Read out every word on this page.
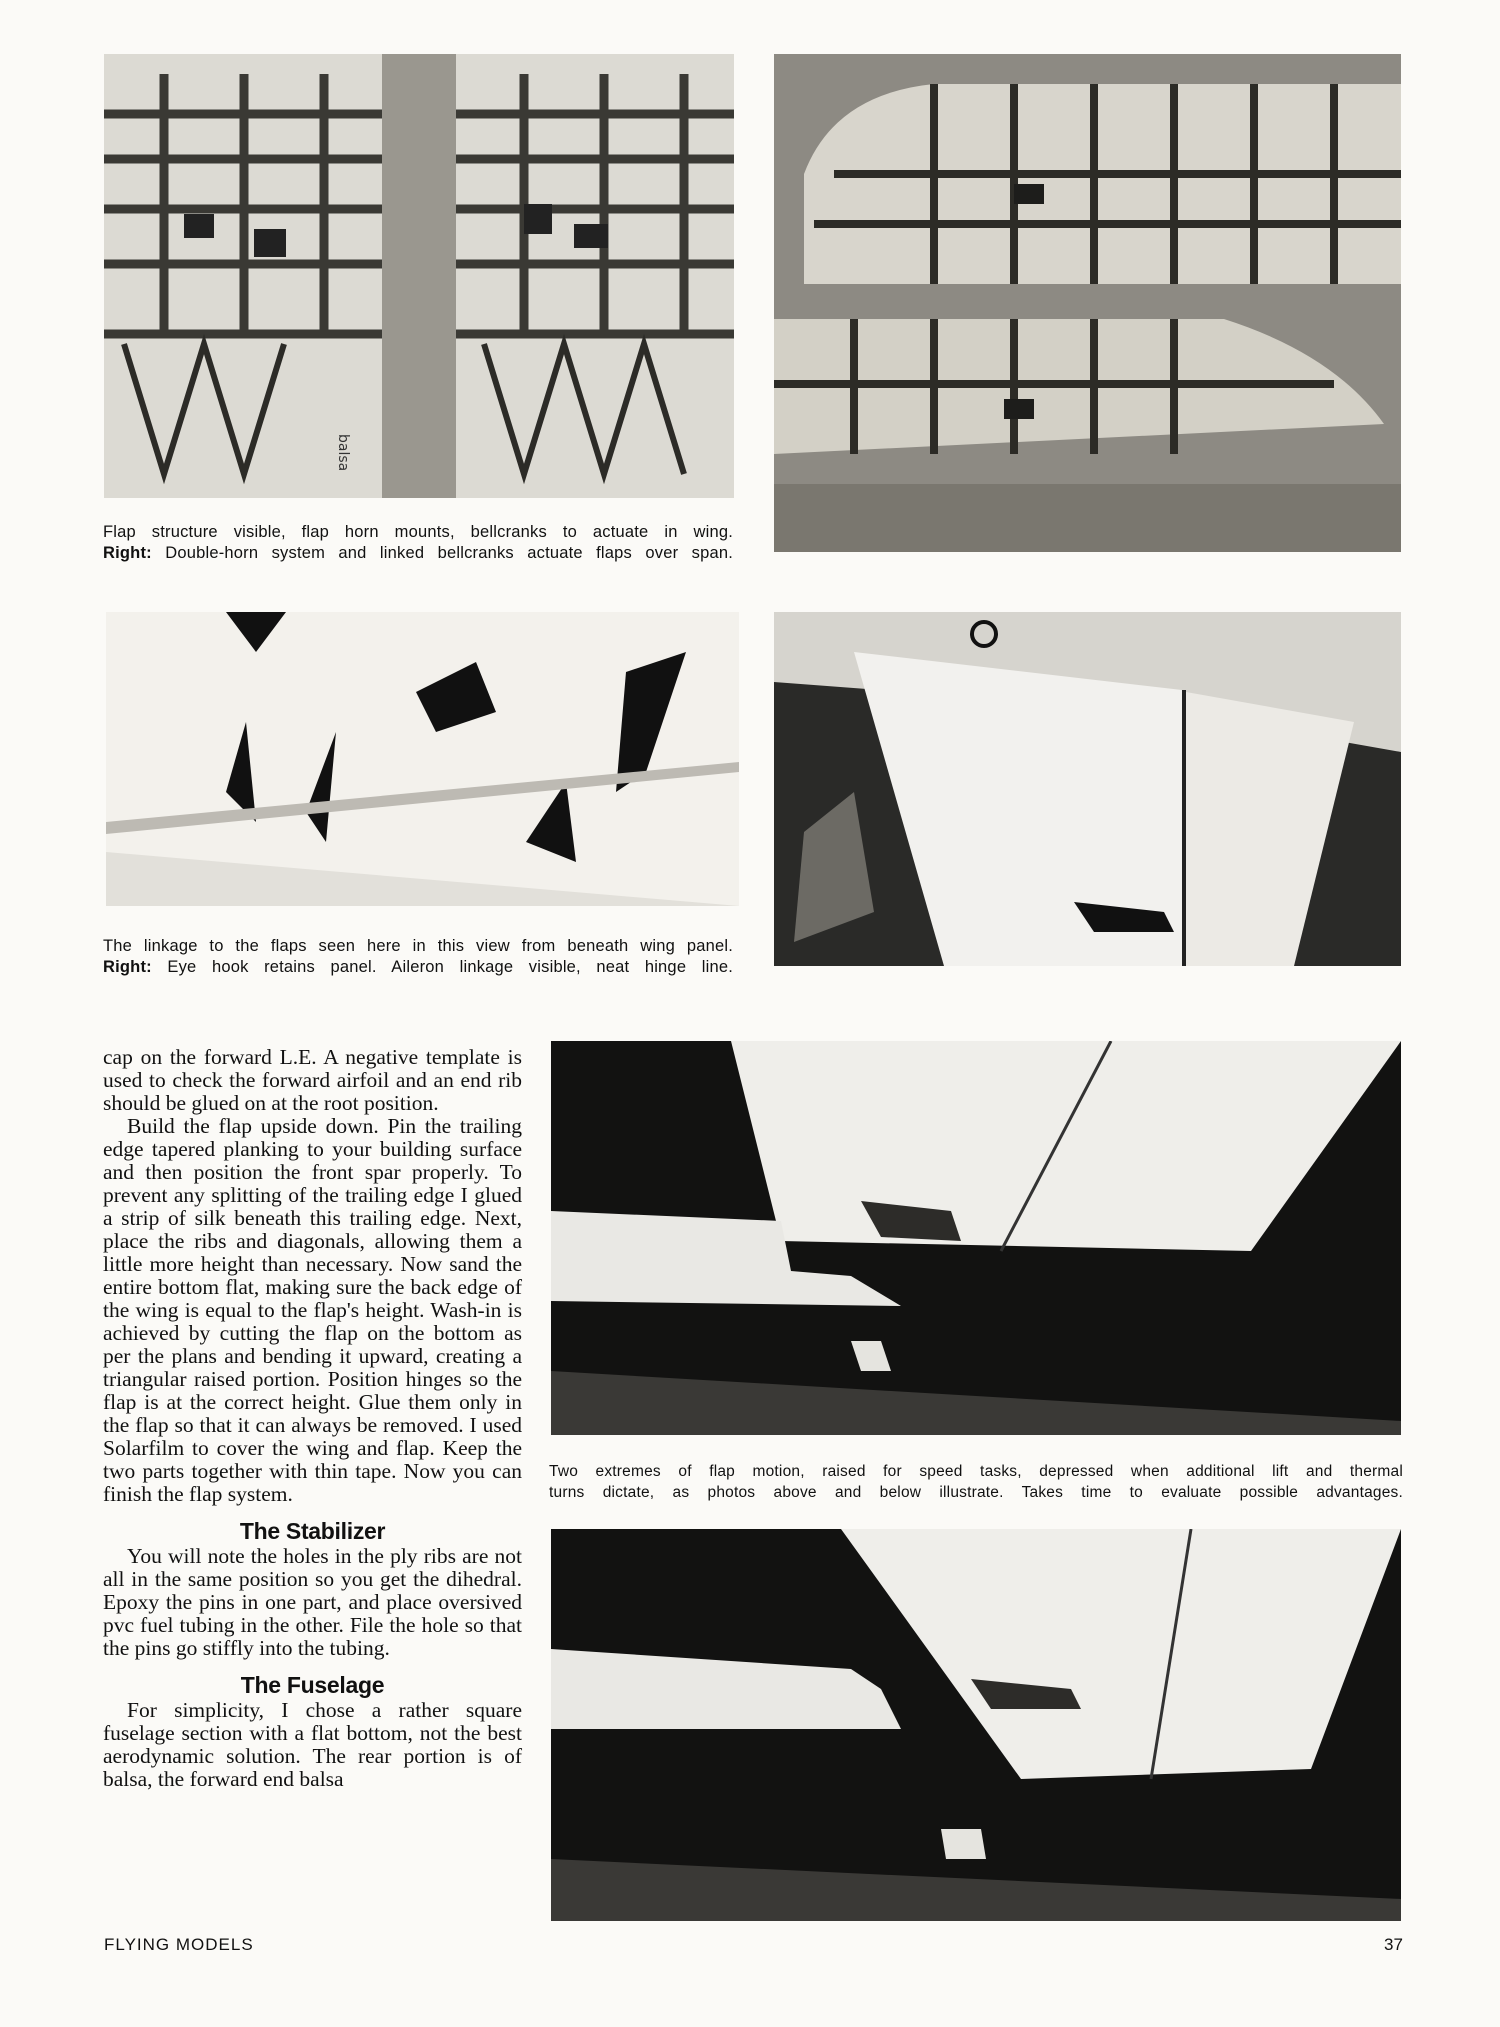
balsa
Flap structure visible, flap horn mounts, bellcranks to actuate in wing.
Right: Double-horn system and linked bellcranks actuate flaps over span.
The linkage to the flaps seen here in this view from beneath wing panel.
Right: Eye hook retains panel. Aileron linkage visible, neat hinge line.
Two extremes of flap motion, raised for speed tasks, depressed when additional lift and thermal
turns dictate, as photos above and below illustrate. Takes time to evaluate possible advantages.

cap on the forward L.E. A negative template is used to check the forward airfoil and an end rib should be glued on at the root position.

Build the flap upside down. Pin the trailing edge tapered planking to your building surface and then position the front spar properly. To prevent any splitting of the trailing edge I glued a strip of silk beneath this trailing edge. Next, place the ribs and diagonals, allowing them a little more height than necessary. Now sand the entire bottom flat, making sure the back edge of the wing is equal to the flap's height. Wash-in is achieved by cutting the flap on the bottom as per the plans and bending it upward, creating a triangular raised portion. Position hinges so the flap is at the correct height. Glue them only in the flap so that it can always be removed. I used Solarfilm to cover the wing and flap. Keep the two parts together with thin tape. Now you can finish the flap system.

The Stabilizer

You will note the holes in the ply ribs are not all in the same position so you get the dihedral. Epoxy the pins in one part, and place oversived pvc fuel tubing in the other. File the hole so that the pins go stiffly into the tubing.

The Fuselage

For simplicity, I chose a rather square fuselage section with a flat bottom, not the best aerodynamic solution. The rear portion is of balsa, the forward end balsa

FLYING MODELS	37
